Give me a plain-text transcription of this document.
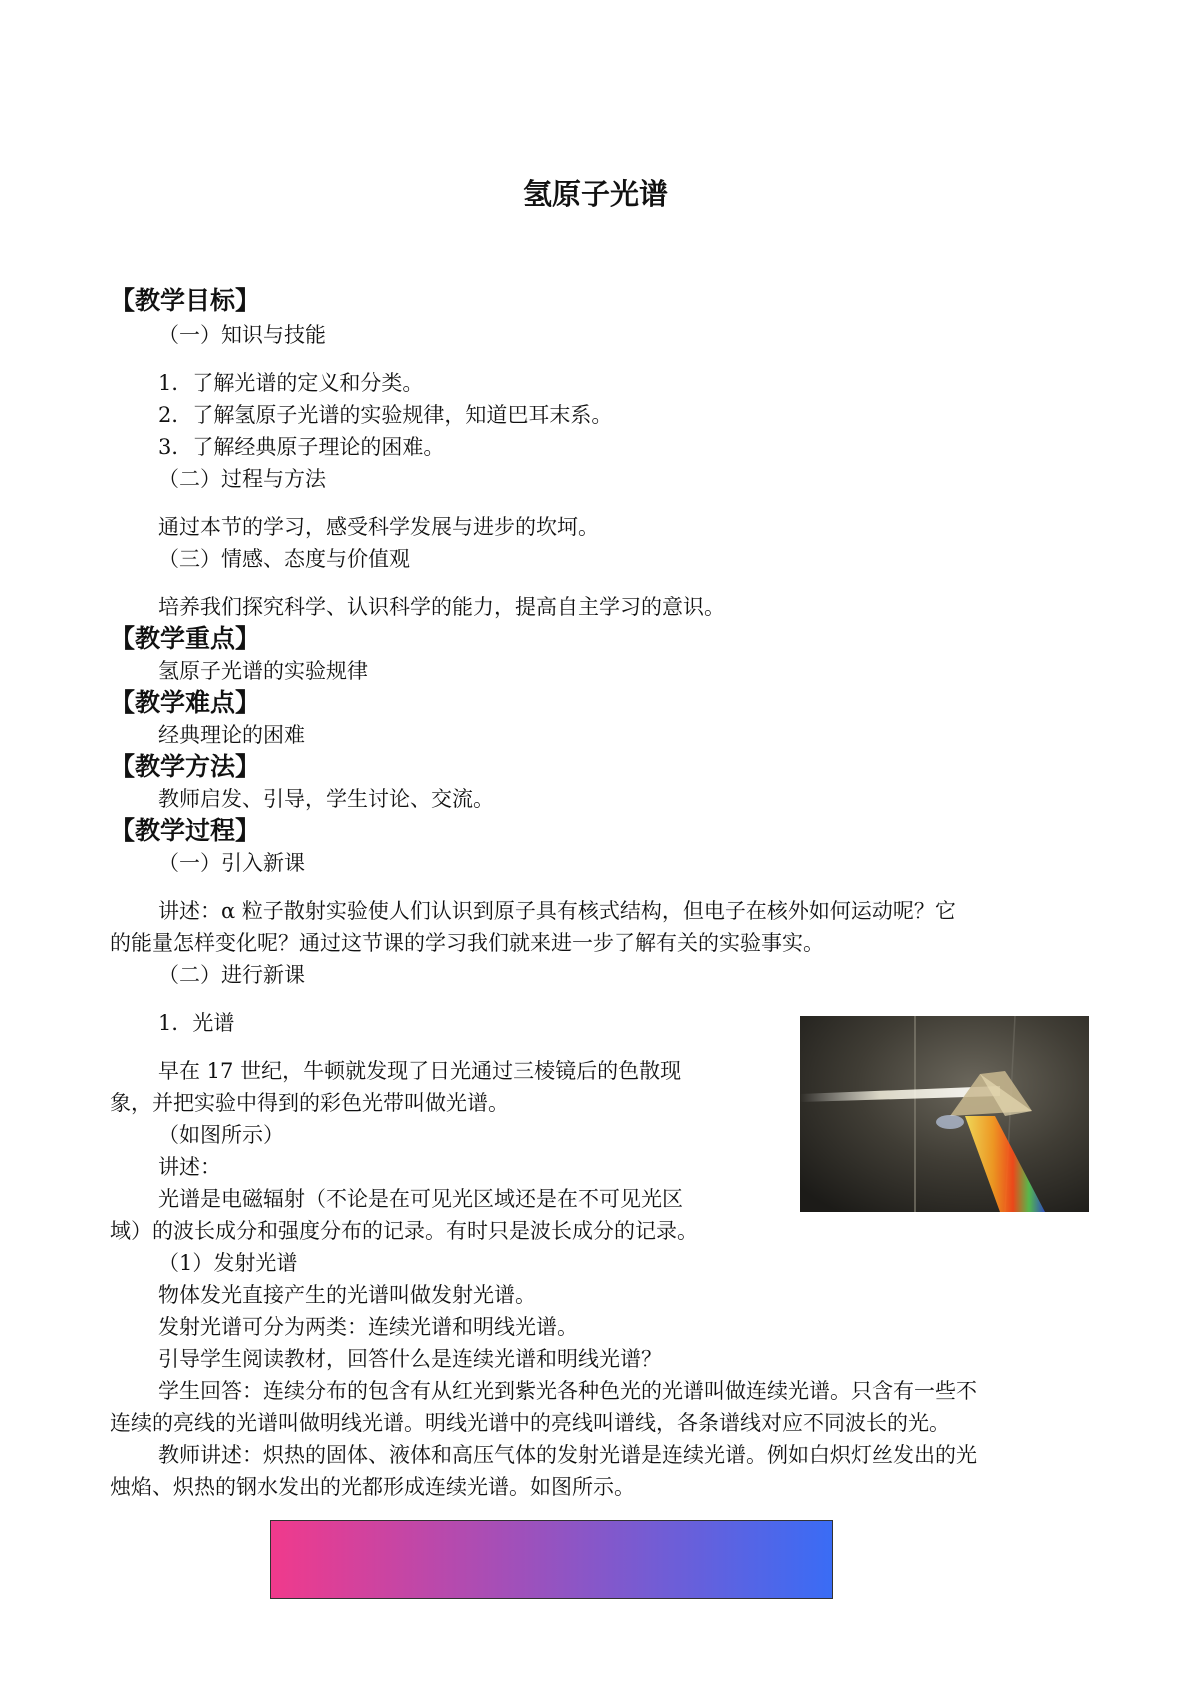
氢原子光谱
【教学目标】
（一）知识与技能
1．了解光谱的定义和分类。
2．了解氢原子光谱的实验规律，知道巴耳末系。
3．了解经典原子理论的困难。
（二）过程与方法
通过本节的学习，感受科学发展与进步的坎坷。
（三）情感、态度与价值观
培养我们探究科学、认识科学的能力，提高自主学习的意识。
【教学重点】
氢原子光谱的实验规律
【教学难点】
经典理论的困难
【教学方法】
教师启发、引导，学生讨论、交流。
【教学过程】
（一）引入新课
讲述：α 粒子散射实验使人们认识到原子具有核式结构，但电子在核外如何运动呢？它
的能量怎样变化呢？通过这节课的学习我们就来进一步了解有关的实验事实。
（二）进行新课
1．光谱
早在 17 世纪，牛顿就发现了日光通过三棱镜后的色散现
象，并把实验中得到的彩色光带叫做光谱。
（如图所示）
讲述：
光谱是电磁辐射（不论是在可见光区域还是在不可见光区
域）的波长成分和强度分布的记录。有时只是波长成分的记录。
（1）发射光谱
物体发光直接产生的光谱叫做发射光谱。
发射光谱可分为两类：连续光谱和明线光谱。
引导学生阅读教材，回答什么是连续光谱和明线光谱？
学生回答：连续分布的包含有从红光到紫光各种色光的光谱叫做连续光谱。只含有一些不
连续的亮线的光谱叫做明线光谱。明线光谱中的亮线叫谱线，各条谱线对应不同波长的光。
教师讲述：炽热的固体、液体和高压气体的发射光谱是连续光谱。例如白炽灯丝发出的光
烛焰、炽热的钢水发出的光都形成连续光谱。如图所示。
